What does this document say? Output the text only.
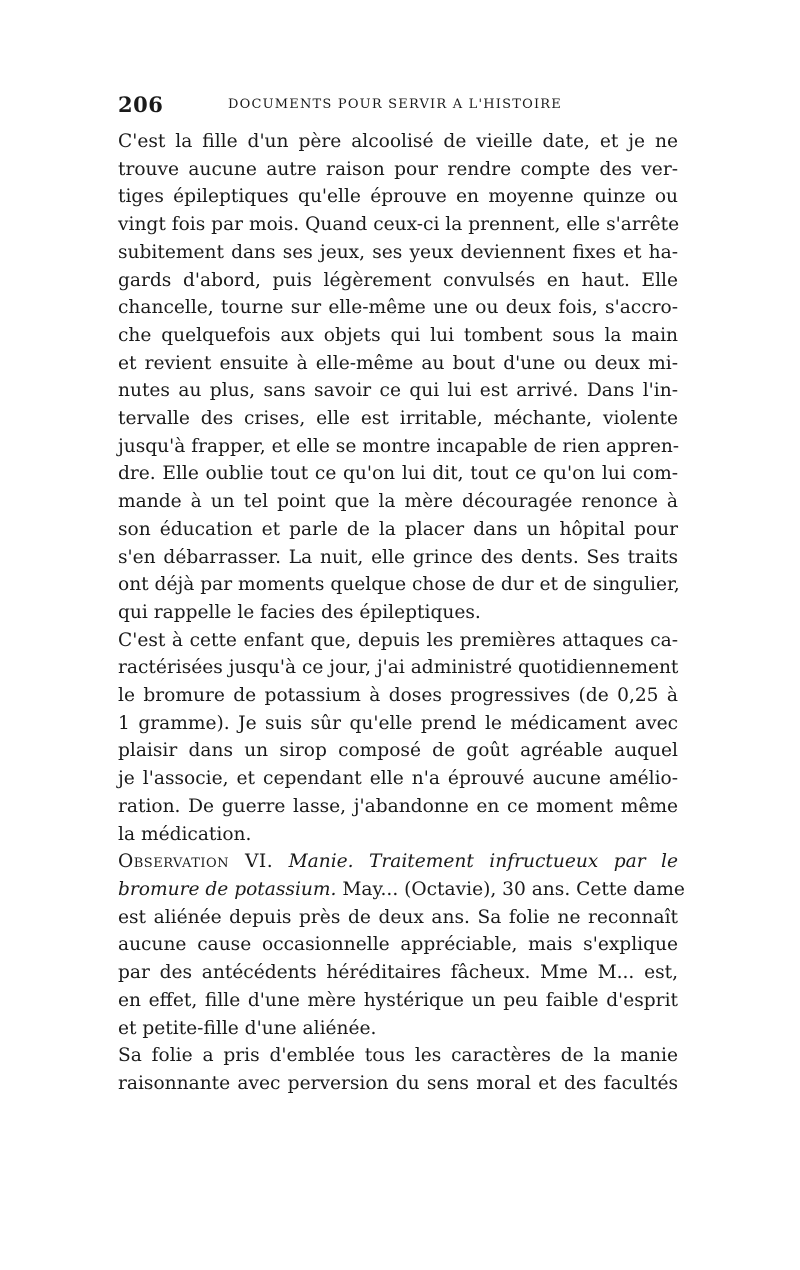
206	DOCUMENTS POUR SERVIR A L'HISTOIRE

C'est la fille d'un père alcoolisé de vieille date, et je ne
trouve aucune autre raison pour rendre compte des ver-
tiges épileptiques qu'elle éprouve en moyenne quinze ou
vingt fois par mois. Quand ceux-ci la prennent, elle s'arrête
subitement dans ses jeux, ses yeux deviennent fixes et ha-
gards d'abord, puis légèrement convulsés en haut. Elle
chancelle, tourne sur elle-même une ou deux fois, s'accro-
che quelquefois aux objets qui lui tombent sous la main
et revient ensuite à elle-même au bout d'une ou deux mi-
nutes au plus, sans savoir ce qui lui est arrivé. Dans l'in-
tervalle des crises, elle est irritable, méchante, violente
jusqu'à frapper, et elle se montre incapable de rien appren-
dre. Elle oublie tout ce qu'on lui dit, tout ce qu'on lui com-
mande à un tel point que la mère découragée renonce à
son éducation et parle de la placer dans un hôpital pour
s'en débarrasser. La nuit, elle grince des dents. Ses traits
ont déjà par moments quelque chose de dur et de singulier,
qui rappelle le facies des épileptiques.

C'est à cette enfant que, depuis les premières attaques ca-
ractérisées jusqu'à ce jour, j'ai administré quotidiennement
le bromure de potassium à doses progressives (de 0,25 à
1 gramme). Je suis sûr qu'elle prend le médicament avec
plaisir dans un sirop composé de goût agréable auquel
je l'associe, et cependant elle n'a éprouvé aucune amélio-
ration. De guerre lasse, j'abandonne en ce moment même
la médication.

Observation VI. Manie. Traitement infructueux par le
bromure de potassium. May... (Octavie), 30 ans. Cette dame
est aliénée depuis près de deux ans. Sa folie ne reconnaît
aucune cause occasionnelle appréciable, mais s'explique
par des antécédents héréditaires fâcheux. Mme M... est,
en effet, fille d'une mère hystérique un peu faible d'esprit
et petite-fille d'une aliénée.

Sa folie a pris d'emblée tous les caractères de la manie
raisonnante avec perversion du sens moral et des facultés
